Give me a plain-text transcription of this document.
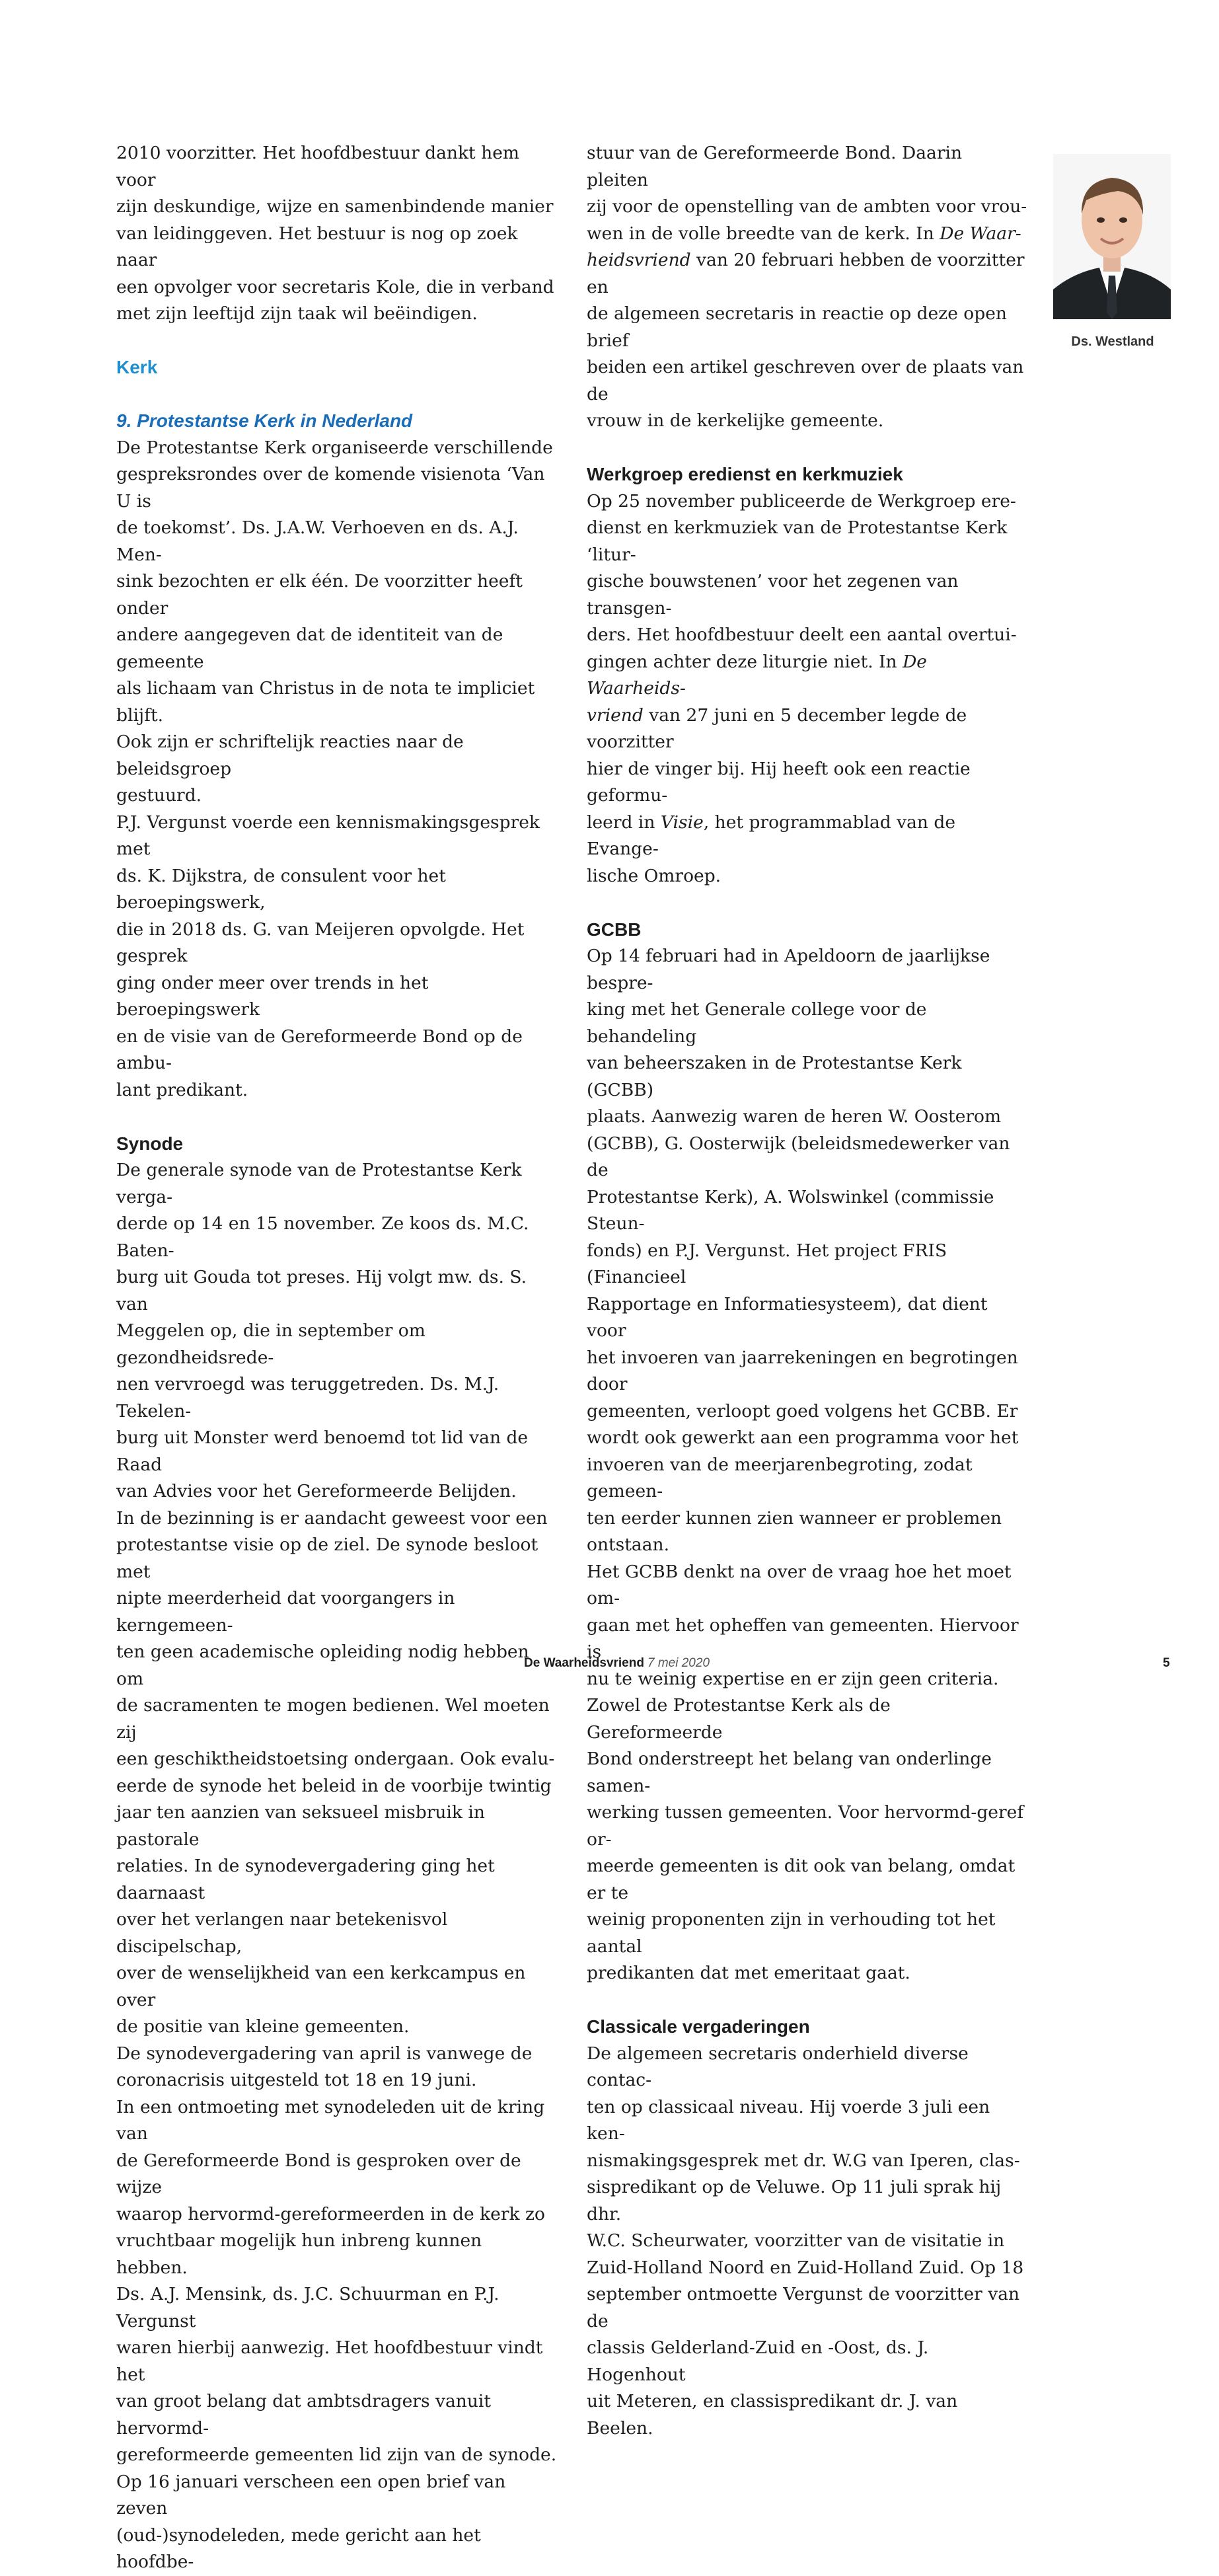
2010 voorzitter. Het hoofdbestuur dankt hem voor
zijn deskundige, wijze en samenbindende manier
van leidinggeven. Het bestuur is nog op zoek naar
een opvolger voor secretaris Kole, die in verband
met zijn leeftijd zijn taak wil beëindigen.

Kerk
9. Protestantse Kerk in Nederland

De Protestantse Kerk organiseerde verschillende
gespreksrondes over de komende visienota ‘Van U is
de toekomst’. Ds. J.A.W. Verhoeven en ds. A.J. Men-
sink bezochten er elk één. De voorzitter heeft onder
andere aangegeven dat de identiteit van de gemeente
als lichaam van Christus in de nota te impliciet blijft.
Ook zijn er schriftelijk reacties naar de beleidsgroep
gestuurd.

P.J. Vergunst voerde een kennismakingsgesprek met
ds. K. Dijkstra, de consulent voor het beroepingswerk,
die in 2018 ds. G. van Meijeren opvolgde. Het gesprek
ging onder meer over trends in het beroepingswerk
en de visie van de Gereformeerde Bond op de ambu-
lant predikant.

Synode

De generale synode van de Protestantse Kerk verga-
derde op 14 en 15 november. Ze koos ds. M.C. Baten-
burg uit Gouda tot preses. Hij volgt mw. ds. S. van
Meggelen op, die in september om gezondheidsrede-
nen vervroegd was teruggetreden. Ds. M.J. Tekelen-
burg uit Monster werd benoemd tot lid van de Raad
van Advies voor het Gereformeerde Belijden.

In de bezinning is er aandacht geweest voor een
protestantse visie op de ziel. De synode besloot met
nipte meerderheid dat voorgangers in kerngemeen-
ten geen academische opleiding nodig hebben om
de sacramenten te mogen bedienen. Wel moeten zij
een geschiktheidstoetsing ondergaan. Ook evalu-
eerde de synode het beleid in de voorbije twintig
jaar ten aanzien van seksueel misbruik in pastorale
relaties. In de synodevergadering ging het daarnaast
over het verlangen naar betekenisvol discipelschap,
over de wenselijkheid van een kerkcampus en over
de positie van kleine gemeenten.

De synodevergadering van april is vanwege de
coronacrisis uitgesteld tot 18 en 19 juni.

In een ontmoeting met synodeleden uit de kring van
de Gereformeerde Bond is gesproken over de wijze
waarop hervormd-gereformeerden in de kerk zo
vruchtbaar mogelijk hun inbreng kunnen hebben.
Ds. A.J. Mensink, ds. J.C. Schuurman en P.J. Vergunst
waren hierbij aanwezig. Het hoofdbestuur vindt het
van groot belang dat ambtsdragers vanuit hervormd-
gereformeerde gemeenten lid zijn van de synode.

Op 16 januari verscheen een open brief van zeven
(oud-)synodeleden, mede gericht aan het hoofdbe-

stuur van de Gereformeerde Bond. Daarin pleiten
zij voor de openstelling van de ambten voor vrou-
wen in de volle breedte van de kerk. In De Waar-
heidsvriend van 20 februari hebben de voorzitter en
de algemeen secretaris in reactie op deze open brief
beiden een artikel geschreven over de plaats van de
vrouw in de kerkelijke gemeente.

Werkgroep eredienst en kerkmuziek

Op 25 november publiceerde de Werkgroep ere-
dienst en kerkmuziek van de Protestantse Kerk ‘litur-
gische bouwstenen’ voor het zegenen van transgen-
ders. Het hoofdbestuur deelt een aantal overtui-
gingen achter deze liturgie niet. In De Waarheids-
vriend van 27 juni en 5 december legde de voorzitter
hier de vinger bij. Hij heeft ook een reactie geformu-
leerd in Visie, het programmablad van de Evange-
lische Omroep.

GCBB

Op 14 februari had in Apeldoorn de jaarlijkse bespre-
king met het Generale college voor de behandeling
van beheerszaken in de Protestantse Kerk (GCBB)
plaats. Aanwezig waren de heren W. Oosterom
(GCBB), G. Oosterwijk (beleidsmedewerker van de
Protestantse Kerk), A. Wolswinkel (commissie Steun-
fonds) en P.J. Vergunst. Het project FRIS (Financieel
Rapportage en Informatiesysteem), dat dient voor
het invoeren van jaarrekeningen en begrotingen door
gemeenten, verloopt goed volgens het GCBB. Er
wordt ook gewerkt aan een programma voor het
invoeren van de meerjarenbegroting, zodat gemeen-
ten eerder kunnen zien wanneer er problemen
ontstaan.

Het GCBB denkt na over de vraag hoe het moet om-
gaan met het opheffen van gemeenten. Hiervoor is
nu te weinig expertise en er zijn geen criteria.

Zowel de Protestantse Kerk als de Gereformeerde
Bond onderstreept het belang van onderlinge samen-
werking tussen gemeenten. Voor hervormd-geref or-
meerde gemeenten is dit ook van belang, omdat er te
weinig proponenten zijn in verhouding tot het aantal
predikanten dat met emeritaat gaat.

Classicale vergaderingen

De algemeen secretaris onderhield diverse contac-
ten op classicaal niveau. Hij voerde 3 juli een ken-
nismakingsgesprek met dr. W.G van Iperen, clas-
sispredikant op de Veluwe. Op 11 juli sprak hij dhr.
W.C. Scheurwater, voorzitter van de visitatie in
Zuid-Holland Noord en Zuid-Holland Zuid. Op 18
september ontmoette Vergunst de voorzitter van de
classis Gelderland-Zuid en -Oost, ds. J. Hogenhout
uit Meteren, en classispredikant dr. J. van Beelen.

Ds. Westland
De Waarheidsvriend 7 mei 2020	5
